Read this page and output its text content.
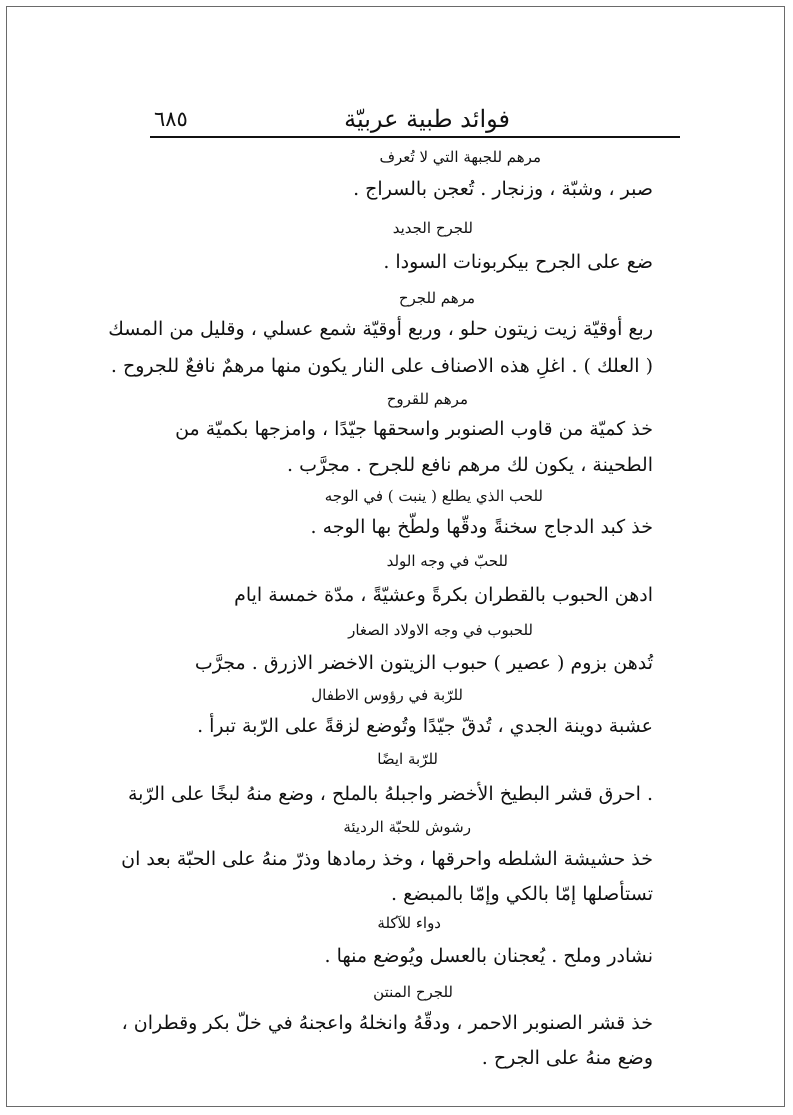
فوائد طبية عربيّة
٦٨٥
مرهم للجبهة التي لا تُعرف
صبر ، وشبّة ، وزنجار . تُعجن بالسراج .
للجرح الجديد
ضع على الجرح بيكربونات السودا .
مرهم للجرح
ربع أوقيّة زيت زيتون حلو ، وربع أوقيّة شمع عسلي ، وقليل من المسك
( العلك ) . اغلِ هذه الاصناف على النار يكون منها مرهمٌ نافعٌ للجروح .
مرهم للقروح
خذ كميّة من قاوب الصنوبر واسحقها جيّدًا ، وامزجها بكميّة من
الطحينة ، يكون لك مرهم نافع للجرح . مجرَّب .
للحب الذي يطلع ( ينبت ) في الوجه
خذ كبد الدجاج سخنةً ودقّها ولطّخ بها الوجه .
للحبّ في وجه الولد
ادهن الحبوب بالقطران بكرةً وعشيّةً ، مدّة خمسة ايام
للحبوب في وجه الاولاد الصغار
تُدهن بزوم ( عصير ) حبوب الزيتون الاخضر الازرق . مجرَّب
للرّبة في رؤوس الاطفال
عشبة دوينة الجدي ، تُدقّ جيّدًا وتُوضع لزقةً على الرّبة تبرأ .
للرّبة ايضًا
. احرق قشر البطيخ الأخضر واجبلهُ بالملح ، وضع منهُ لبخًا على الرّبة
رشوش للحبّة الرديئة
خذ حشيشة الشلطه واحرقها ، وخذ رمادها وذرّ منهُ على الحبّة بعد ان
تستأصلها إمّا بالكي وإمّا بالمبضع .
دواء للآكلة
نشادر وملح . يُعجنان بالعسل ويُوضع منها .
للجرح المنتن
خذ قشر الصنوبر الاحمر ، ودقّهُ وانخلهُ واعجنهُ في خلّ بكر وقطران ،
وضع منهُ على الجرح .
